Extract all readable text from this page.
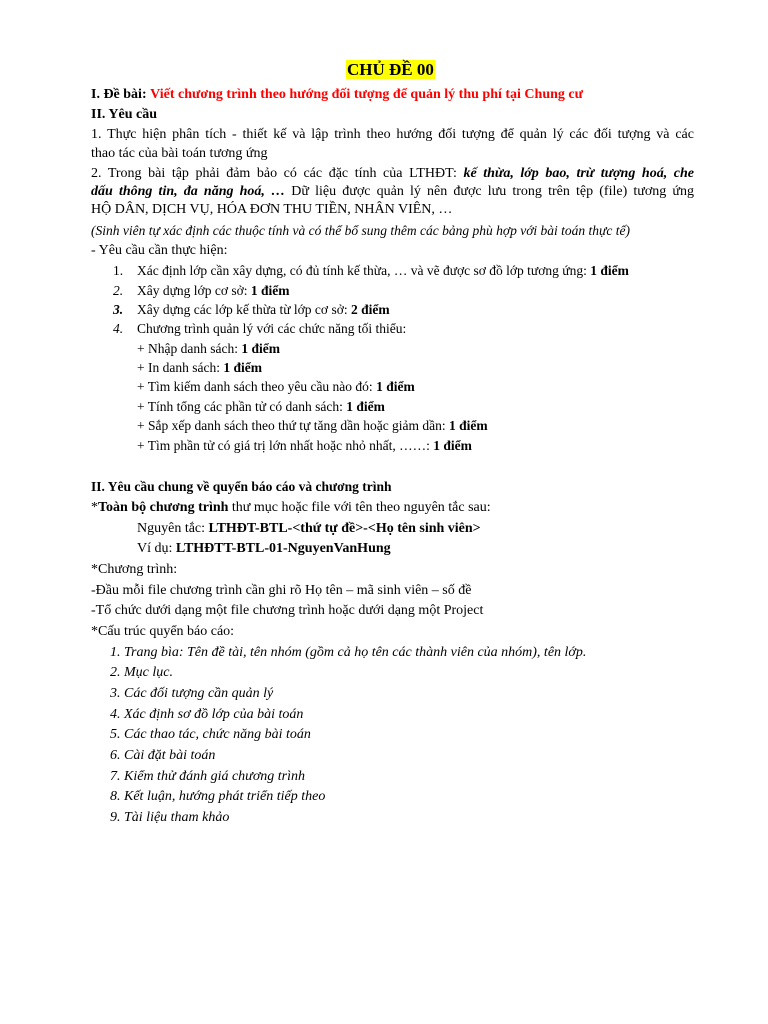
CHỦ ĐỀ 00
I. Đề bài: Viết chương trình theo hướng đối tượng để quản lý thu phí tại Chung cư
II. Yêu cầu
1. Thực hiện phân tích - thiết kế và lập trình theo hướng đối tượng để quản lý các đối tượng và các
thao tác của bài toán tương ứng
2. Trong bài tập phải đảm bảo có các đặc tính của LTHĐT: kế thừa, lớp bao, trừ tượng hoá, che
dấu thông tin, đa năng hoá, … Dữ liệu được quản lý nên được lưu trong trên tệp (file) tương ứng
HỘ DÂN, DỊCH VỤ, HÓA ĐƠN THU TIỀN, NHÂN VIÊN, …
(Sinh viên tự xác định các thuộc tính và có thể bổ sung thêm các bảng phù hợp với bài toán thực tế)
- Yêu cầu cần thực hiện:
1. Xác định lớp cần xây dựng, có đủ tính kế thừa, … và vẽ được sơ đồ lớp tương ứng: 1 điểm
2. Xây dựng lớp cơ sở: 1 điểm
3. Xây dựng các lớp kế thừa từ lớp cơ sở: 2 điểm
4. Chương trình quản lý với các chức năng tối thiểu:
+ Nhập danh sách: 1 điểm
+ In danh sách: 1 điểm
+ Tìm kiếm danh sách theo yêu cầu nào đó: 1 điểm
+ Tính tổng các phần tử có danh sách: 1 điểm
+ Sắp xếp danh sách theo thứ tự tăng dần hoặc giảm dần: 1 điểm
+ Tìm phần tử có giá trị lớn nhất hoặc nhỏ nhất, ……: 1 điểm
II. Yêu cầu chung về quyển báo cáo và chương trình
*Toàn bộ chương trình thư mục hoặc file với tên theo nguyên tắc sau:
Nguyên tắc: LTHĐT-BTL-<thứ tự đề>-<Họ tên sinh viên>
Ví dụ: LTHĐTT-BTL-01-NguyenVanHung
*Chương trình:
-Đầu mỗi file chương trình cần ghi rõ Họ tên – mã sinh viên – số đề
-Tổ chức dưới dạng một file chương trình hoặc dưới dạng một Project
*Cấu trúc quyển báo cáo:
1. Trang bìa: Tên đề tài, tên nhóm (gồm cả họ tên các thành viên của nhóm), tên lớp.
2. Mục lục.
3. Các đối tượng cần quản lý
4. Xác định sơ đồ lớp của bài toán
5. Các thao tác, chức năng bài toán
6. Cài đặt bài toán
7. Kiểm thử đánh giá chương trình
8. Kết luận, hướng phát triển tiếp theo
9. Tài liệu tham khảo
